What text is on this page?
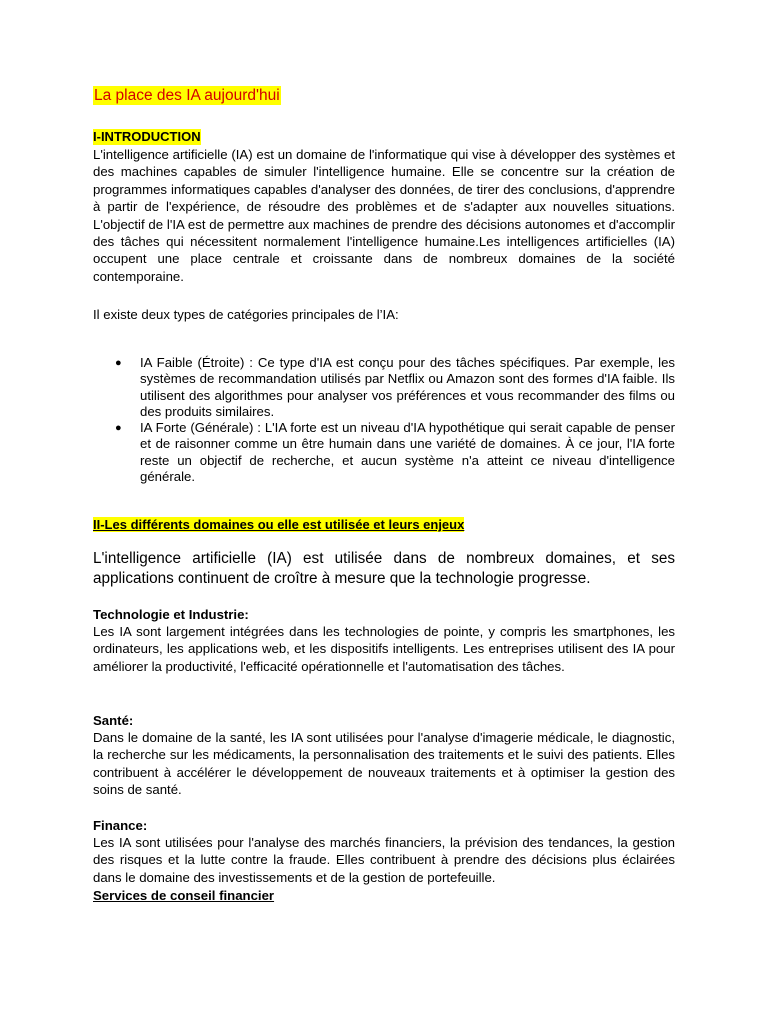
La place des IA aujourd'hui
I-INTRODUCTION

L'intelligence artificielle (IA) est un domaine de l'informatique qui vise à développer des systèmes et des machines capables de simuler l'intelligence humaine. Elle se concentre sur la création de programmes informatiques capables d'analyser des données, de tirer des conclusions, d'apprendre à partir de l'expérience, de résoudre des problèmes et de s'adapter aux nouvelles situations. L'objectif de l'IA est de permettre aux machines de prendre des décisions autonomes et d'accomplir des tâches qui nécessitent normalement l'intelligence humaine.Les intelligences artificielles (IA) occupent une place centrale et croissante dans de nombreux domaines de la société contemporaine.

Il existe deux types de catégories principales de l’IA:

● IA Faible (Étroite) : Ce type d'IA est conçu pour des tâches spécifiques. Par exemple, les systèmes de recommandation utilisés par Netflix ou Amazon sont des formes d'IA faible. Ils utilisent des algorithmes pour analyser vos préférences et vous recommander des films ou des produits similaires.
● IA Forte (Générale) : L'IA forte est un niveau d'IA hypothétique qui serait capable de penser et de raisonner comme un être humain dans une variété de domaines. À ce jour, l'IA forte reste un objectif de recherche, et aucun système n'a atteint ce niveau d'intelligence générale.
II-Les différents domaines ou elle est utilisée et leurs enjeux

L'intelligence artificielle (IA) est utilisée dans de nombreux domaines, et ses applications continuent de croître à mesure que la technologie progresse.

Technologie et Industrie:

Les IA sont largement intégrées dans les technologies de pointe, y compris les smartphones, les ordinateurs, les applications web, et les dispositifs intelligents. Les entreprises utilisent des IA pour améliorer la productivité, l'efficacité opérationnelle et l'automatisation des tâches.

Santé:

Dans le domaine de la santé, les IA sont utilisées pour l'analyse d'imagerie médicale, le diagnostic, la recherche sur les médicaments, la personnalisation des traitements et le suivi des patients. Elles contribuent à accélérer le développement de nouveaux traitements et à optimiser la gestion des soins de santé.

Finance:

Les IA sont utilisées pour l'analyse des marchés financiers, la prévision des tendances, la gestion des risques et la lutte contre la fraude. Elles contribuent à prendre des décisions plus éclairées dans le domaine des investissements et de la gestion de portefeuille.

Services de conseil financier
